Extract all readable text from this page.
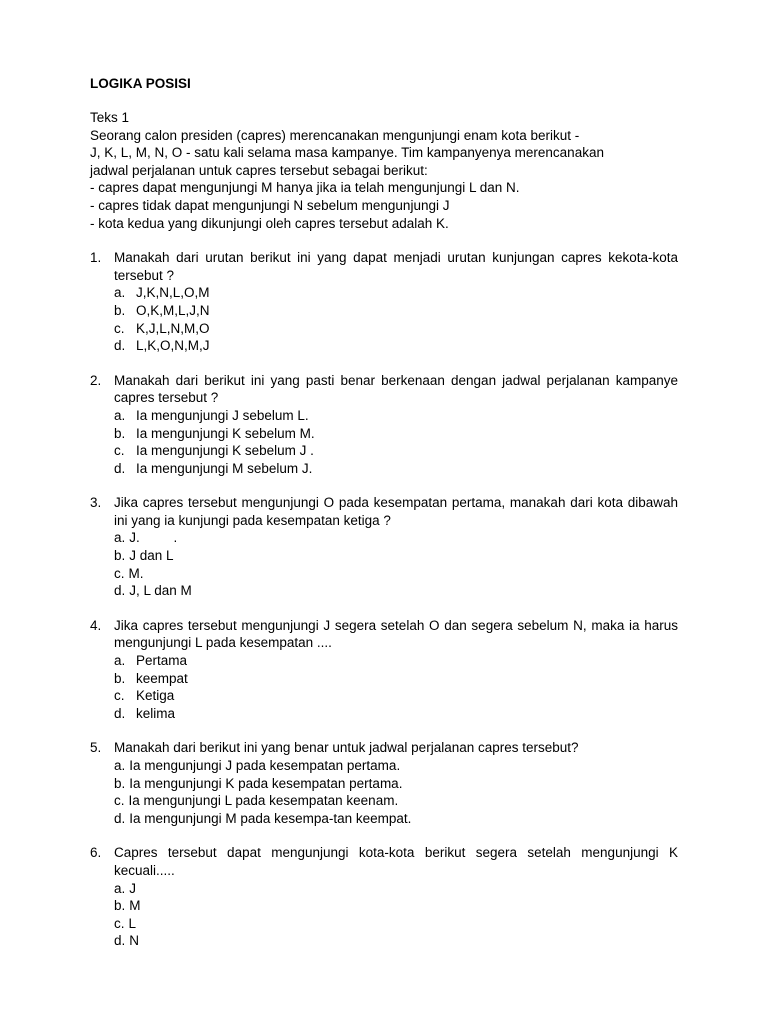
LOGIKA POSISI
Teks 1
Seorang calon presiden (capres) merencanakan mengunjungi enam kota berikut -
J, K, L, M, N, O - satu kali selama masa kampanye. Tim kampanyenya merencanakan
jadwal perjalanan untuk capres tersebut sebagai berikut:
- capres dapat mengunjungi M hanya jika ia telah mengunjungi L dan N.
- capres tidak dapat mengunjungi N sebelum mengunjungi J
- kota kedua yang dikunjungi oleh capres tersebut adalah K.
1. Manakah dari urutan berikut ini yang dapat menjadi urutan kunjungan capres kekota-kota tersebut ?
a. J,K,N,L,O,M
b. O,K,M,L,J,N
c. K,J,L,N,M,O
d. L,K,O,N,M,J
2. Manakah dari berikut ini yang pasti benar berkenaan dengan jadwal perjalanan kampanye capres tersebut ?
a. Ia mengunjungi J sebelum L.
b. Ia mengunjungi K sebelum M.
c. Ia mengunjungi K sebelum J .
d. Ia mengunjungi M sebelum J.
3. Jika capres tersebut mengunjungi O pada kesempatan pertama, manakah dari kota dibawah ini yang ia kunjungi pada kesempatan ketiga ?
a. J.         .
b. J dan L
c. M.
d. J, L dan M
4. Jika capres tersebut mengunjungi J segera setelah O dan segera sebelum N, maka ia harus mengunjungi L pada kesempatan ....
a. Pertama
b. keempat
c. Ketiga
d. kelima
5. Manakah dari berikut ini yang benar untuk jadwal perjalanan capres tersebut?
a. Ia mengunjungi J pada kesempatan pertama.
b. Ia mengunjungi K pada kesempatan pertama.
c. Ia mengunjungi L pada kesempatan keenam.
d. Ia mengunjungi M pada kesempa-tan keempat.
6. Capres tersebut dapat mengunjungi kota-kota berikut segera setelah mengunjungi K kecuali.....
a. J
b. M
c. L
d. N
